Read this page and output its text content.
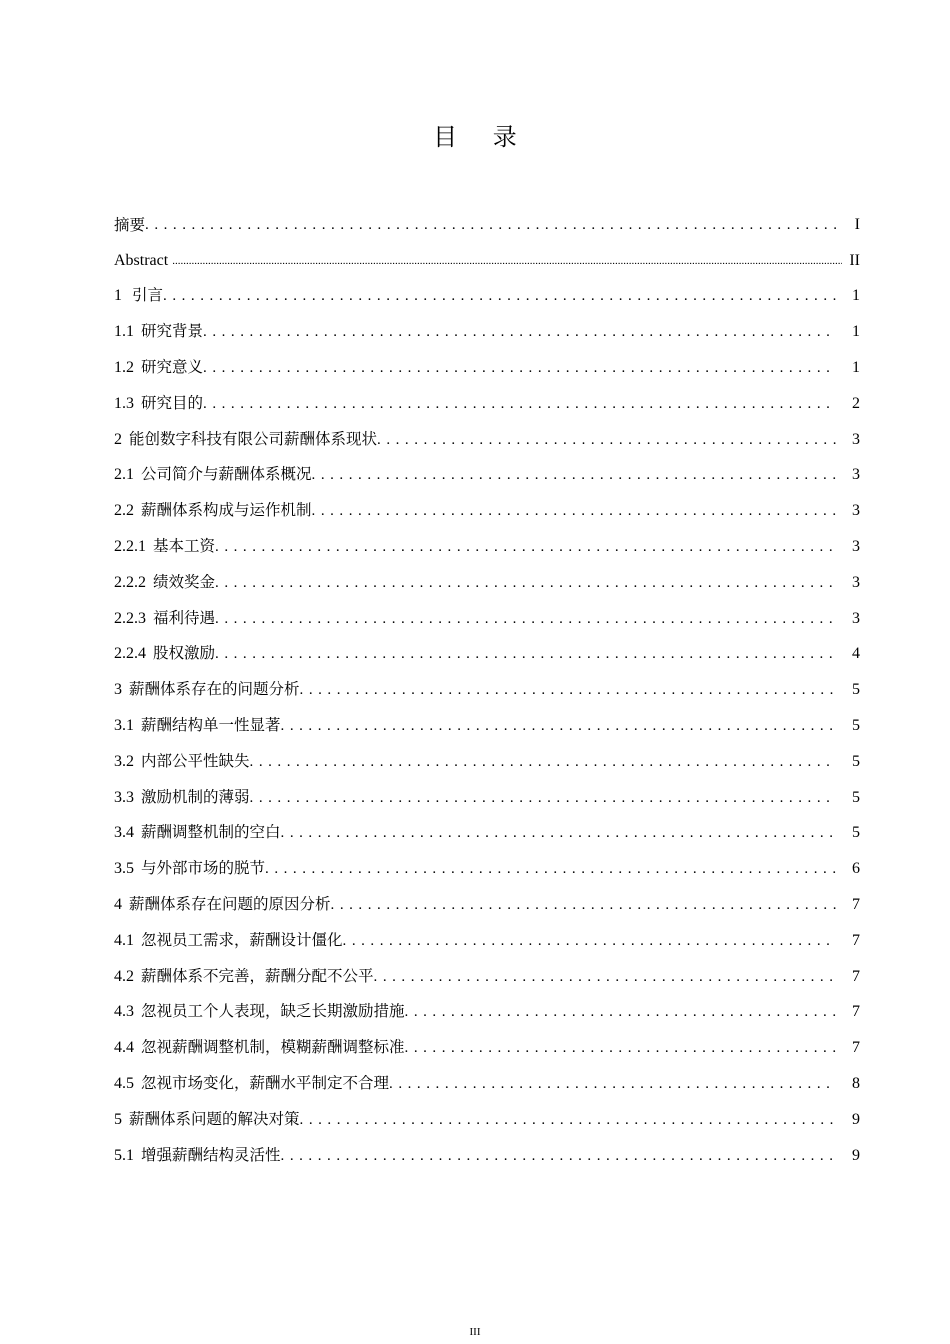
目 录
摘要 . . .	I
Abstract .....	II
1 引言 . . .	1
1.1 研究背景 . . .	1
1.2 研究意义 . . .	1
1.3 研究目的 . . .	2
2 能创数字科技有限公司薪酬体系现状 . . .	3
2.1 公司简介与薪酬体系概况 . . .	3
2.2 薪酬体系构成与运作机制 . . .	3
2.2.1 基本工资 . . .	3
2.2.2 绩效奖金 . . .	3
2.2.3 福利待遇 . . .	3
2.2.4 股权激励 . . .	4
3 薪酬体系存在的问题分析 . . .	5
3.1 薪酬结构单一性显著 . . .	5
3.2 内部公平性缺失 . . .	5
3.3 激励机制的薄弱 . . .	5
3.4 薪酬调整机制的空白 . . .	5
3.5 与外部市场的脱节 . . .	6
4 薪酬体系存在问题的原因分析 . . .	7
4.1 忽视员工需求，薪酬设计僵化 . . .	7
4.2 薪酬体系不完善，薪酬分配不公平 . . .	7
4.3 忽视员工个人表现，缺乏长期激励措施 . . .	7
4.4 忽视薪酬调整机制，模糊薪酬调整标准 . . .	7
4.5 忽视市场变化，薪酬水平制定不合理 . . .	8
5 薪酬体系问题的解决对策 . . .	9
5.1 增强薪酬结构灵活性 . . .	9
III
